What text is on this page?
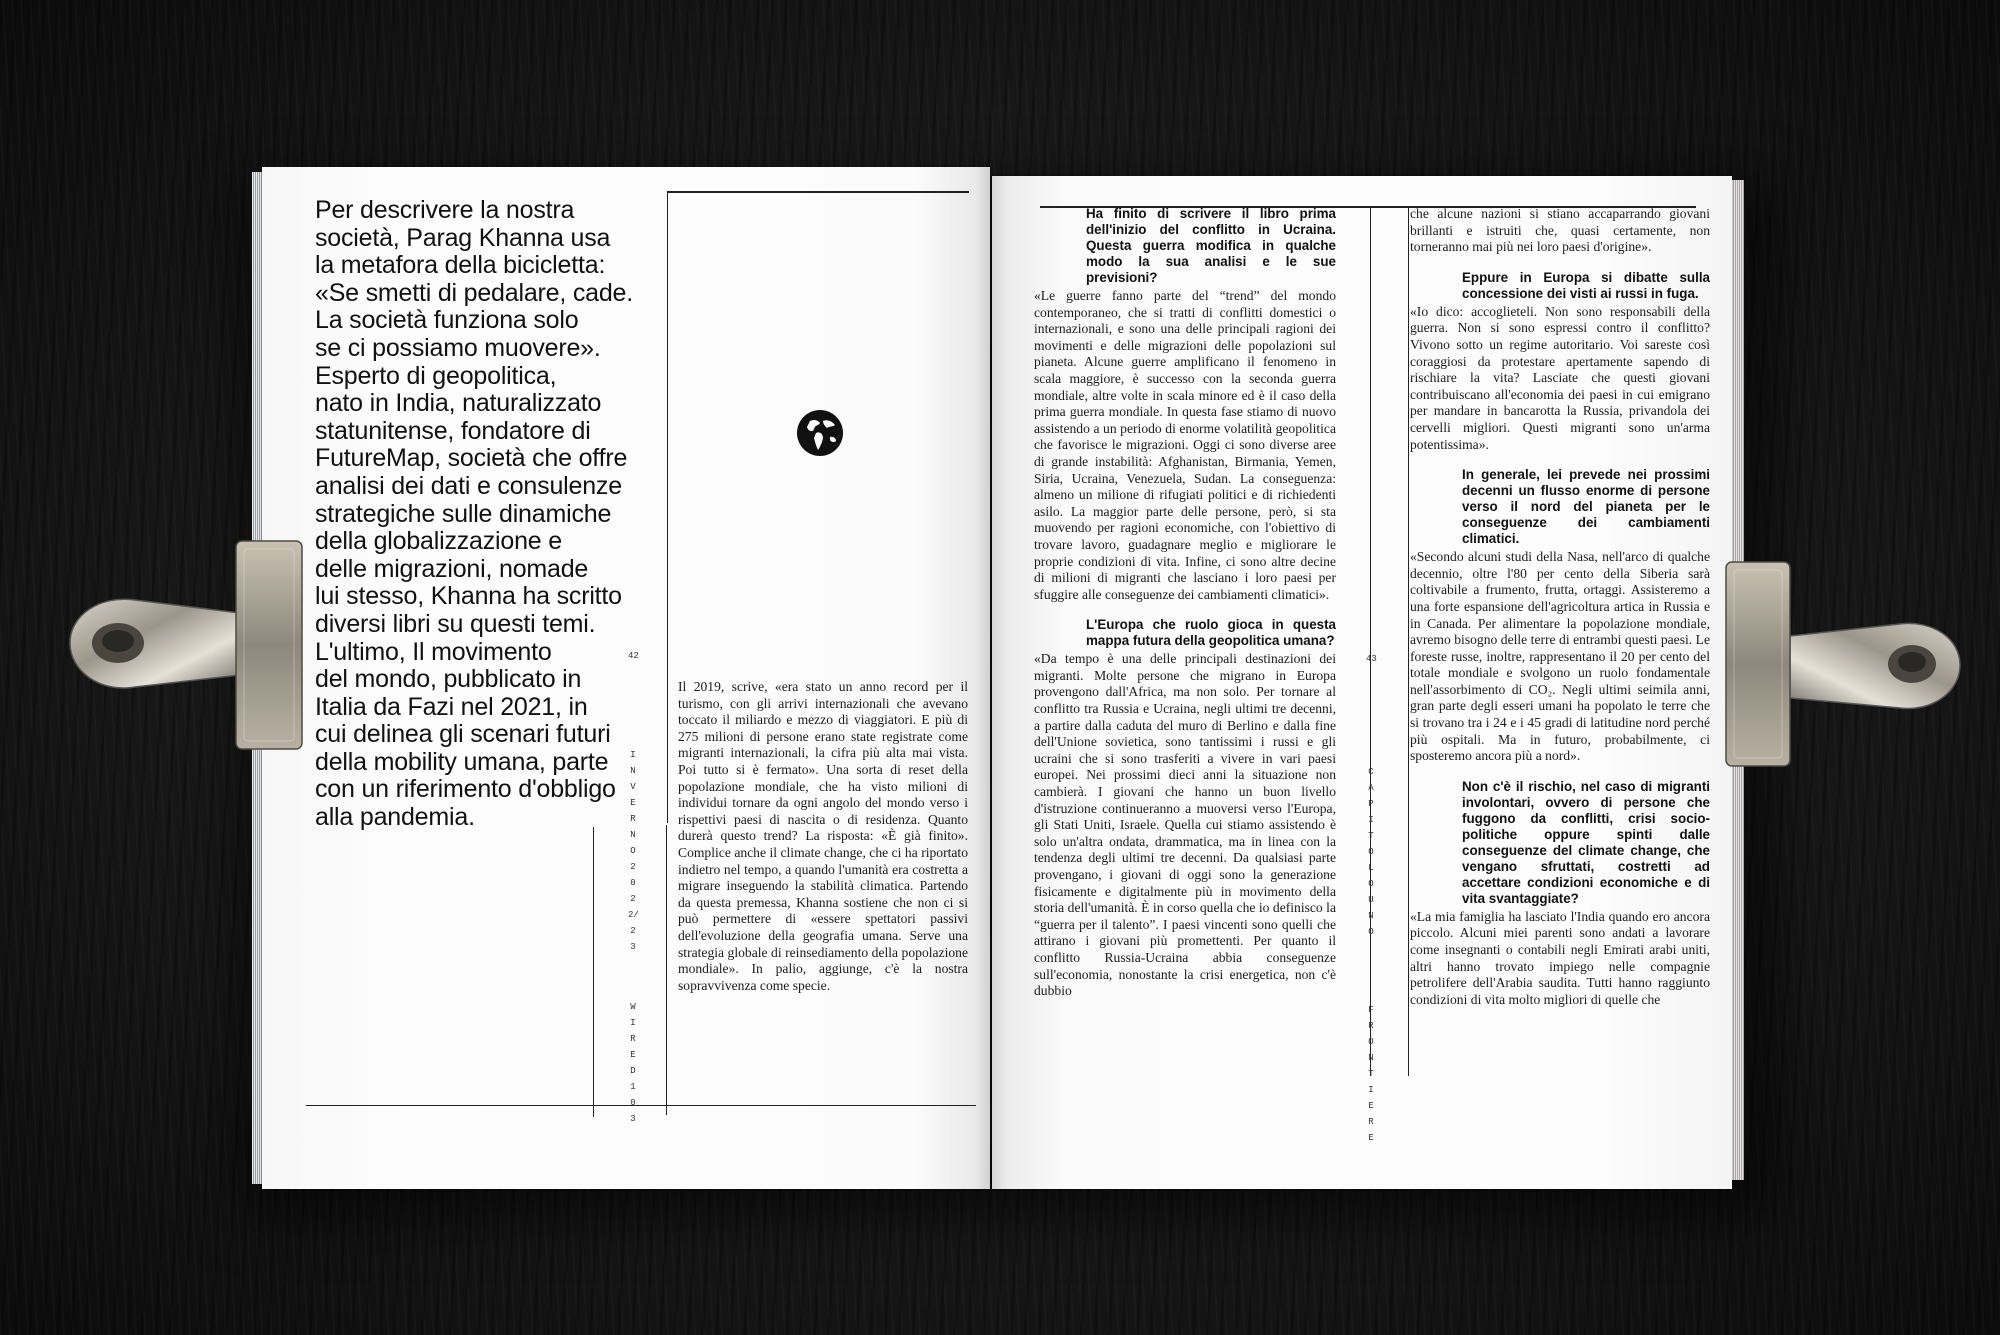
Per descrivere la nostra
società, Parag Khanna usa
la metafora della bicicletta:
«Se smetti di pedalare, cade.
La società funziona solo
se ci possiamo muovere».
Esperto di geopolitica,
nato in India, naturalizzato
statunitense, fondatore di
FutureMap, società che offre
analisi dei dati e consulenze
strategiche sulle dinamiche
della globalizzazione e
delle migrazioni, nomade
lui stesso, Khanna ha scritto
diversi libri su questi temi.
L'ultimo, Il movimento
del mondo, pubblicato in
Italia da Fazi nel 2021, in
cui delinea gli scenari futuri
della mobility umana, parte
con un riferimento d'obbligo
alla pandemia.
42
INVERNO 2022/23
WIRED 103
Il 2019, scrive, «era stato un anno record per il turismo, con gli arrivi internazionali che avevano toccato il miliardo e mezzo di viaggiatori. E più di 275 milioni di persone erano state registrate come migranti internazionali, la cifra più alta mai vista. Poi tutto si è fermato». Una sorta di reset della popolazione mondiale, che ha visto milioni di individui tornare da ogni angolo del mondo verso i rispettivi paesi di nascita o di residenza. Quanto durerà questo trend? La risposta: «È già finito». Complice anche il climate change, che ci ha riportato indietro nel tempo, a quando l'umanità era costretta a migrare inseguendo la stabilità climatica. Partendo da questa premessa, Khanna sostiene che non ci si può permettere di «essere spettatori passivi dell'evoluzione della geografia umana. Serve una strategia globale di reinsediamento della popolazione mondiale». In palio, aggiunge, c'è la nostra sopravvivenza come specie.
43
CAPITOLO UNO
FRONTIERE
Ha finito di scrivere il libro prima dell'inizio del conflitto in Ucraina. Questa guerra modifica in qualche modo la sua analisi e le sue previsioni?
«Le guerre fanno parte del “trend” del mondo contemporaneo, che si tratti di conflitti domestici o internazionali, e sono una delle principali ragioni dei movimenti e delle migrazioni delle popolazioni sul pianeta. Alcune guerre amplificano il fenomeno in scala maggiore, è successo con la seconda guerra mondiale, altre volte in scala minore ed è il caso della prima guerra mondiale. In questa fase stiamo di nuovo assistendo a un periodo di enorme volatilità geopolitica che favorisce le migrazioni. Oggi ci sono diverse aree di grande instabilità: Afghanistan, Birmania, Yemen, Siria, Ucraina, Venezuela, Sudan. La conseguenza: almeno un milione di rifugiati politici e di richiedenti asilo. La maggior parte delle persone, però, si sta muovendo per ragioni economiche, con l'obiettivo di trovare lavoro, guadagnare meglio e migliorare le proprie condizioni di vita. Infine, ci sono altre decine di milioni di migranti che lasciano i loro paesi per sfuggire alle conseguenze dei cambiamenti climatici».
L'Europa che ruolo gioca in questa mappa futura della geopolitica umana?
«Da tempo è una delle principali destinazioni dei migranti. Molte persone che migrano in Europa provengono dall'Africa, ma non solo. Per tornare al conflitto tra Russia e Ucraina, negli ultimi tre decenni, a partire dalla caduta del muro di Berlino e dalla fine dell'Unione sovietica, sono tantissimi i russi e gli ucraini che si sono trasferiti a vivere in vari paesi europei. Nei prossimi dieci anni la situazione non cambierà. I giovani che hanno un buon livello d'istruzione continueranno a muoversi verso l'Europa, gli Stati Uniti, Israele. Quella cui stiamo assistendo è solo un'altra ondata, drammatica, ma in linea con la tendenza degli ultimi tre decenni. Da qualsiasi parte provengano, i giovani di oggi sono la generazione fisicamente e digitalmente più in movimento della storia dell'umanità. È in corso quella che io definisco la “guerra per il talento”. I paesi vincenti sono quelli che attirano i giovani più promettenti. Per quanto il conflitto Russia-Ucraina abbia conseguenze sull'economia, nonostante la crisi energetica, non c'è dubbio
che alcune nazioni si stiano accaparrando giovani brillanti e istruiti che, quasi certamente, non torneranno mai più nei loro paesi d'origine».
Eppure in Europa si dibatte sulla concessione dei visti ai russi in fuga.
«Io dico: accoglieteli. Non sono responsabili della guerra. Non si sono espressi contro il conflitto? Vivono sotto un regime autoritario. Voi sareste così coraggiosi da protestare apertamente sapendo di rischiare la vita? Lasciate che questi giovani contribuiscano all'economia dei paesi in cui emigrano per mandare in bancarotta la Russia, privandola dei cervelli migliori. Questi migranti sono un'arma potentissima».
In generale, lei prevede nei prossimi decenni un flusso enorme di persone verso il nord del pianeta per le conseguenze dei cambiamenti climatici.
«Secondo alcuni studi della Nasa, nell'arco di qualche decennio, oltre l'80 per cento della Siberia sarà coltivabile a frumento, frutta, ortaggi. Assisteremo a una forte espansione dell'agricoltura artica in Russia e in Canada. Per alimentare la popolazione mondiale, avremo bisogno delle terre di entrambi questi paesi. Le foreste russe, inoltre, rappresentano il 20 per cento del totale mondiale e svolgono un ruolo fondamentale nell'assorbimento di CO₂. Negli ultimi seimila anni, gran parte degli esseri umani ha popolato le terre che si trovano tra i 24 e i 45 gradi di latitudine nord perché più ospitali. Ma in futuro, probabilmente, ci sposteremo ancora più a nord».
Non c'è il rischio, nel caso di migranti involontari, ovvero di persone che fuggono da conflitti, crisi socio-politiche oppure spinti dalle conseguenze del climate change, che vengano sfruttati, costretti ad accettare condizioni economiche e di vita svantaggiate?
«La mia famiglia ha lasciato l'India quando ero ancora piccolo. Alcuni miei parenti sono andati a lavorare come insegnanti o contabili negli Emirati arabi uniti, altri hanno trovato impiego nelle compagnie petrolifere dell'Arabia saudita. Tutti hanno raggiunto condizioni di vita molto migliori di quelle che
